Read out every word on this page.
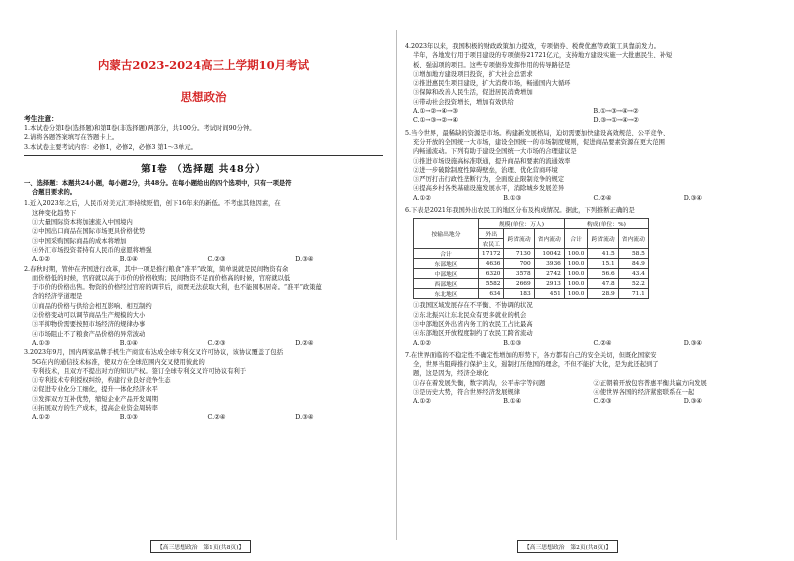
内蒙古2023-2024高三上学期10月考试
思想政治
考生注意：
1.本试卷分第Ⅰ卷(选择题)和第Ⅱ卷(非选择题)两部分，共100分。考试时间90分钟。
2.请将各题答案填写在答题卡上。
3.本试卷主要考试内容：必修1，必修2，必修3 第1～3单元。
第Ⅰ卷 （选择题 共48分）
一、选择题：本题共24小题，每小题2分，共48分。在每小题给出的四个选项中，只有一项是符
合题目要求的。
1.近入2023年之后，人民币对美元汇率持续贬值，创下16年来的新低。不考虑其他因素，在
这种变化趋势下
①大量国际资本将加速流入中国境内
②中国出口商品在国际市场更具价格优势
③中国采购国际商品的成本将增加
④外汇市场投资者持有人民币的意愿将增强
A.①②	B.①④	C.②③	D.③④
2.春秋时期，管仲在齐国进行改革，其中一项是推行粮食“准平”政策，简单说就是民间物资有余
而价格低的时候，官府就以高于市价的价格收购；民间物资不足而价格高的时候，官府就以低
于市价的价格出售。物资的价格经过官府的调节后，商贾无法获取大利，也不能囤积居奇。“准平”政策蕴
含的经济学道理是
①商品的价格与供给会相互影响、相互制约
②价格变动可以调节商品生产规模的大小
③平抑物价需要按照市场经济的规律办事
④市场阻止不了粮食产品价格的异常波动
A.①③	B.①④	C.②③	D.②④
3.2023年9月，国内两家品牌手机生产商宣布达成全球专利交叉许可协议，该协议覆盖了包括
5G在内的通信技术标准，使双方在全球范围内交叉使用彼此的
专利技术，且双方不提出对方的知识产权。签订全球专利交叉许可协议有利于
①专利技术专利授权纠纷，构建行业良好竞争生态
②促进专业化分工细化，提升一体化经济水平
③发挥双方互补优势，缩短企业产品开发周期
④拓展双方的生产成本，提高企业资金周转率
A.①②	B.①③	C.②④	D.③④
【高三思想政治　第1页(共8页)】
4.2023年以来，我国积极的财政政策加力提效，专项债券、税费优惠等政策工具靠前发力。
半年，各地发行用于项目建设的专项债券21721亿元，支持地方建设实施一大批惠民生、补短
板、强弱项的项目。这些专项债券发挥作用的传导路径是
①增加地方建设项目投资，扩大社会总需求
②推进惠民生项目建设，扩大消费市场，畅通国内大循环
③保障和改善人民生活，促进居民消费增加
④带动社会投资增长，增加有效供给
A.①→②→④→③	B.①→③→④→②
C.①→③→②→④	D.③→①→④→②
5.当今世界，最稀缺的资源是市场。构建新发展格局，迫切需要加快建设高效规范、公平竞争、
充分开放的全国统一大市场，建设全国统一的市场制度规则，促进商品要素资源在更大范围
内畅通流动。下列有助于建设全国统一大市场的合理建议是
①推进市场设施高标准联通，提升商品和要素的流通效率
②进一步破除制度性障碍壁垒，治理、优化营商环境
③严厉打击行政性垄断行为，全面废止限制竞争的规定
④提高乡村各类基础设施发展水平，消除城乡发展差异
A.①②	B.①③	C.②④	D.③④
6.下表是2021年我国外出农民工的地区分布及构成情况。据此，下列推断正确的是
按输出地分	规模(单位：万人)			构成(单位：%)		
	外出	跨省流动	省内流动	合计	跨省流动	省内流动
	农民工					
合计	17172	7130	10042	100.0	41.5	58.5
东部地区	4636	700	3936	100.0	15.1	84.9
中部地区	6320	3578	2742	100.0	56.6	43.4
西部地区	5582	2669	2913	100.0	47.8	52.2
东北地区	634	183	451	100.0	28.9	71.1
①我国区域发展存在不平衡、不协调的状况
②东北振兴让东北民众有更多就业的机会
③中部地区外出省内务工的农民工占比最高
④东部地区开放程度制约了农民工跨省流动
A.①②	B.①③	C.②④	D.③④
7.在世界面临的不稳定性不确定性增加的形势下，各方都有自己的安全关切，但既化国家安
全，世界当阻碍推行保护主义，遏制打压他国的理念，不但不能扩大化，是为此还起到了
题，这是因为，经济全球化
①存在着发展失衡，数字鸿沟，公平赤字等问题	②正朝着开放包容普惠平衡共赢方向发展
③是历史大势，符合世界经济发展规律	④使世界各国的经济紧密联系在一起
A.①②	B.①④	C.②③	D.③④
【高三思想政治　第2页(共8页)】
